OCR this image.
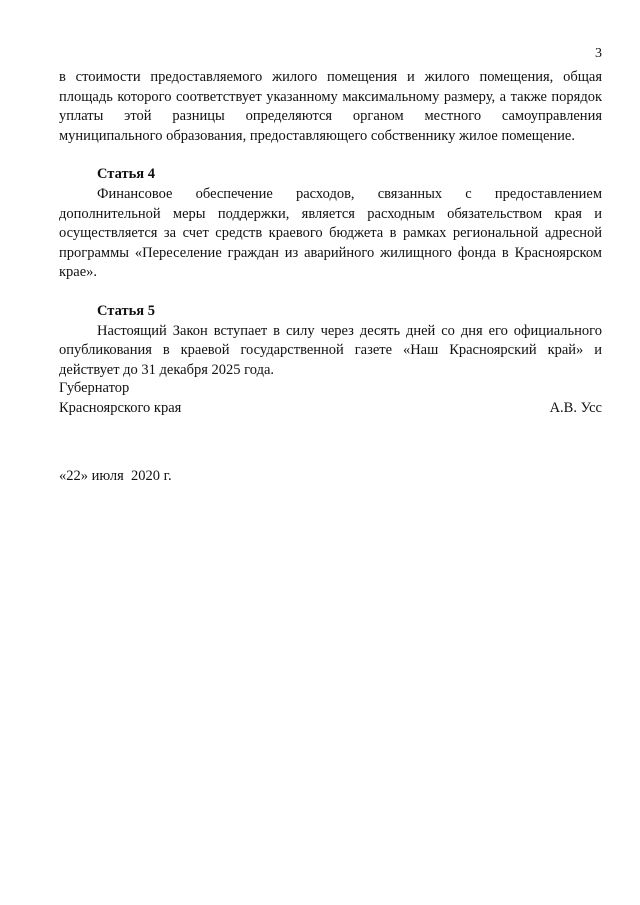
3

в стоимости предоставляемого жилого помещения и жилого помещения, общая площадь которого соответствует указанному максимальному размеру, а также порядок уплаты этой разницы определяются органом местного самоуправления муниципального образования, предоставляющего собственнику жилое помещение.

Статья 4

Финансовое обеспечение расходов, связанных с предоставлением дополнительной меры поддержки, является расходным обязательством края и осуществляется за счет средств краевого бюджета в рамках региональной адресной программы «Переселение граждан из аварийного жилищного фонда в Красноярском крае».

Статья 5

Настоящий Закон вступает в силу через десять дней со дня его официального опубликования в краевой государственной газете «Наш Красноярский край» и действует до 31 декабря 2025 года.

Губернатор
Красноярского края	А.В. Усс
«22» июля  2020 г.
